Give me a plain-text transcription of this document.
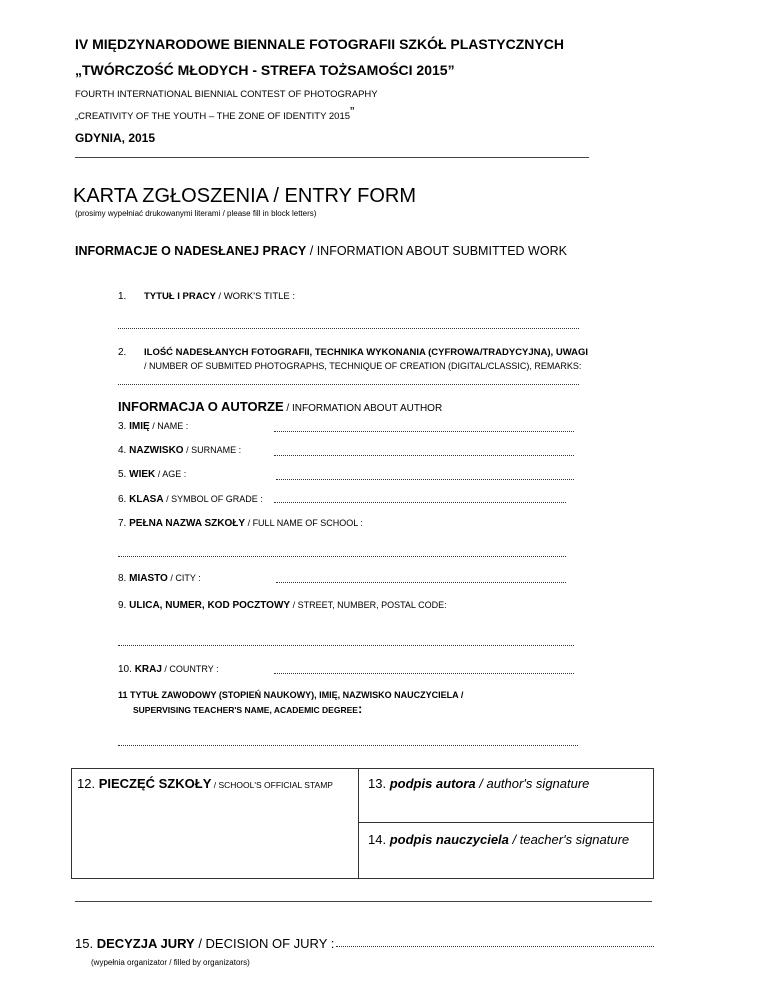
IV MIĘDZYNARODOWE BIENNALE FOTOGRAFII SZKÓŁ PLASTYCZNYCH
„TWÓRCZOŚĆ MŁODYCH - STREFA TOŻSAMOŚCI 2015”
FOURTH INTERNATIONAL BIENNIAL CONTEST OF PHOTOGRAPHY
„CREATIVITY OF THE YOUTH – THE ZONE OF IDENTITY 2015”
GDYNIA, 2015
KARTA ZGŁOSZENIA / ENTRY FORM
(prosimy wypełniać drukowanymi literami / please fill in block letters)
INFORMACJE O NADESŁANEJ PRACY / INFORMATION ABOUT SUBMITTED WORK
1. TYTUŁ I PRACY / WORK'S TITLE :
2. ILOŚĆ NADESŁANYCH FOTOGRAFII, TECHNIKA WYKONANIA (CYFROWA/TRADYCYJNA), UWAGI
/ NUMBER OF SUBMITED PHOTOGRAPHS, TECHNIQUE OF CREATION (DIGITAL/CLASSIC), REMARKS:
INFORMACJA O AUTORZE / INFORMATION ABOUT AUTHOR
3. IMIĘ / NAME :
4. NAZWISKO / SURNAME :
5. WIEK / AGE :
6. KLASA / SYMBOL OF GRADE :
7. PEŁNA NAZWA SZKOŁY / FULL NAME OF SCHOOL :
8. MIASTO / CITY :
9. ULICA, NUMER, KOD POCZTOWY / STREET, NUMBER, POSTAL CODE:
10. KRAJ / COUNTRY :
11 TYTUŁ ZAWODOWY (STOPIEŃ NAUKOWY), IMIĘ, NAZWISKO NAUCZYCIELA /
SUPERVISING TEACHER'S NAME, ACADEMIC DEGREE:
12. PIECZĘĆ SZKOŁY / SCHOOL'S OFFICIAL STAMP	13. podpis autora / author's signature
14. podpis nauczyciela / teacher's signature
15. DECYZJA JURY / DECISION OF JURY :
(wypełnia organizator / filled by organizators)
